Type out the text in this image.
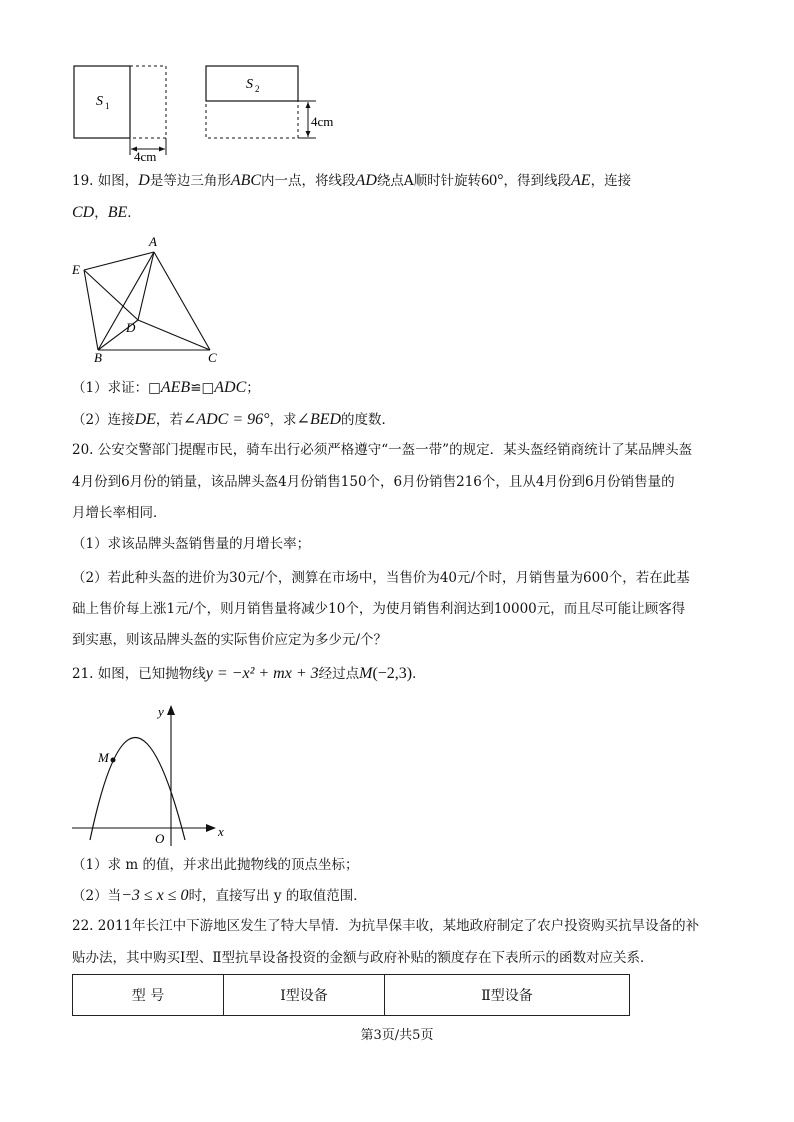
S 1
4cm
S 2
4cm
19. 如图，D是等边三角形ABC内一点，将线段AD绕点A顺时针旋转60°，得到线段AE，连接
CD，BE．
A
E
D
B	C
（1）求证：□AEB≌□ADC；
（2）连接DE，若∠ADC = 96°，求∠BED的度数．
20. 公安交警部门提醒市民，骑车出行必须严格遵守“一盔一带”的规定．某头盔经销商统计了某品牌头盔
4月份到6月份的销量，该品牌头盔4月份销售150个，6月份销售216个，且从4月份到6月份销售量的
月增长率相同．
（1）求该品牌头盔销售量的月增长率；
（2）若此种头盔的进价为30元/个，测算在市场中，当售价为40元/个时，月销售量为600个，若在此基
础上售价每上涨1元/个，则月销售量将减少10个，为使月销售利润达到10000元，而且尽可能让顾客得
到实惠，则该品牌头盔的实际售价应定为多少元/个？
21. 如图，已知抛物线y = −x² + mx + 3经过点M(−2,3)．
y
x
O
M
（1）求 m 的值，并求出此抛物线的顶点坐标；
（2）当−3 ≤ x ≤ 0时，直接写出 y 的取值范围．
22. 2011年长江中下游地区发生了特大旱情．为抗旱保丰收，某地政府制定了农户投资购买抗旱设备的补
贴办法，其中购买Ⅰ型、Ⅱ型抗旱设备投资的金额与政府补贴的额度存在下表所示的函数对应关系．
型 号	Ⅰ型设备	Ⅱ型设备
第3页/共5页
